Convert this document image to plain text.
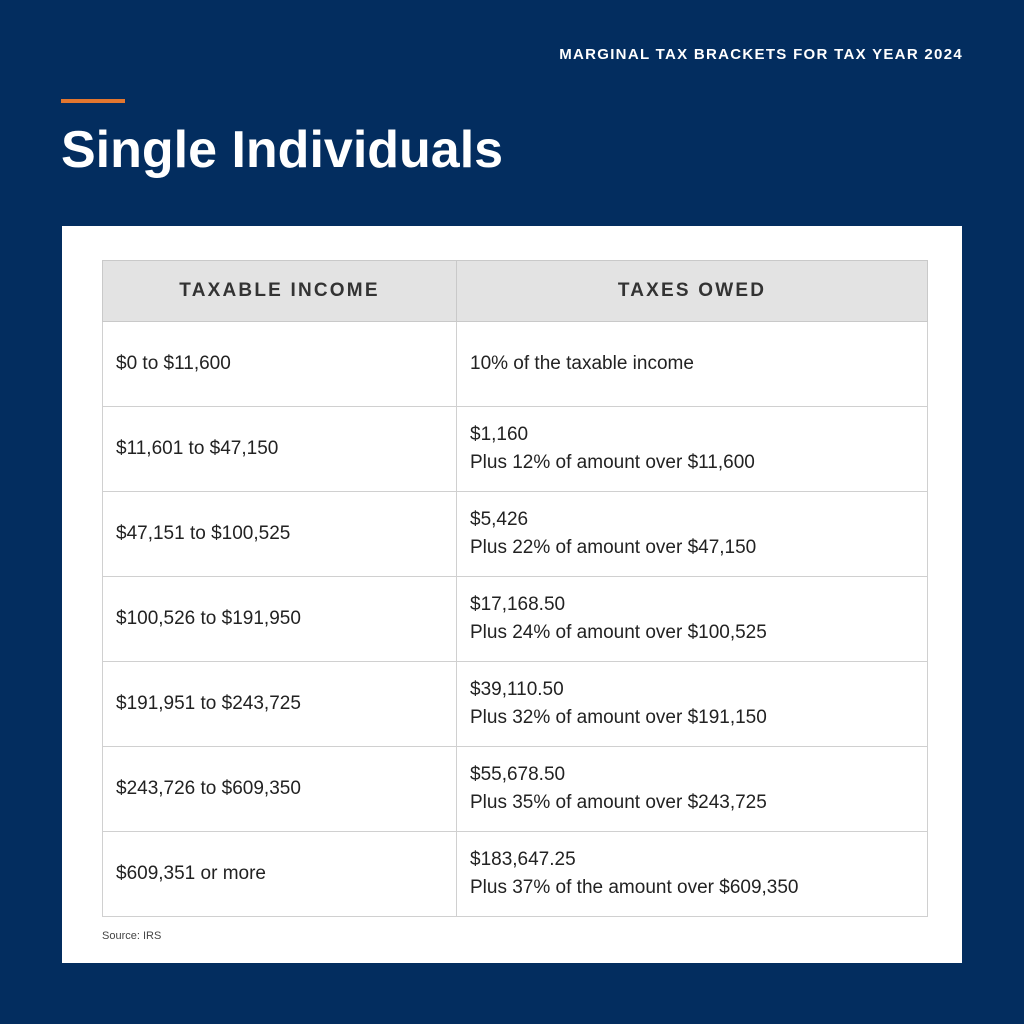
MARGINAL TAX BRACKETS FOR TAX YEAR 2024
Single Individuals
TAXABLE INCOME	TAXES OWED
$0 to $11,600	10% of the taxable income

$11,601 to $47,150	$1,160
Plus 12% of amount over $11,600

$47,151 to $100,525	$5,426
Plus 22% of amount over $47,150

$100,526 to $191,950	$17,168.50
Plus 24% of amount over $100,525

$191,951 to $243,725	$39,110.50
Plus 32% of amount over $191,150

$243,726 to $609,350	$55,678.50
Plus 35% of amount over $243,725

$609,351 or more	$183,647.25
Plus 37% of the amount over $609,350
Source: IRS
